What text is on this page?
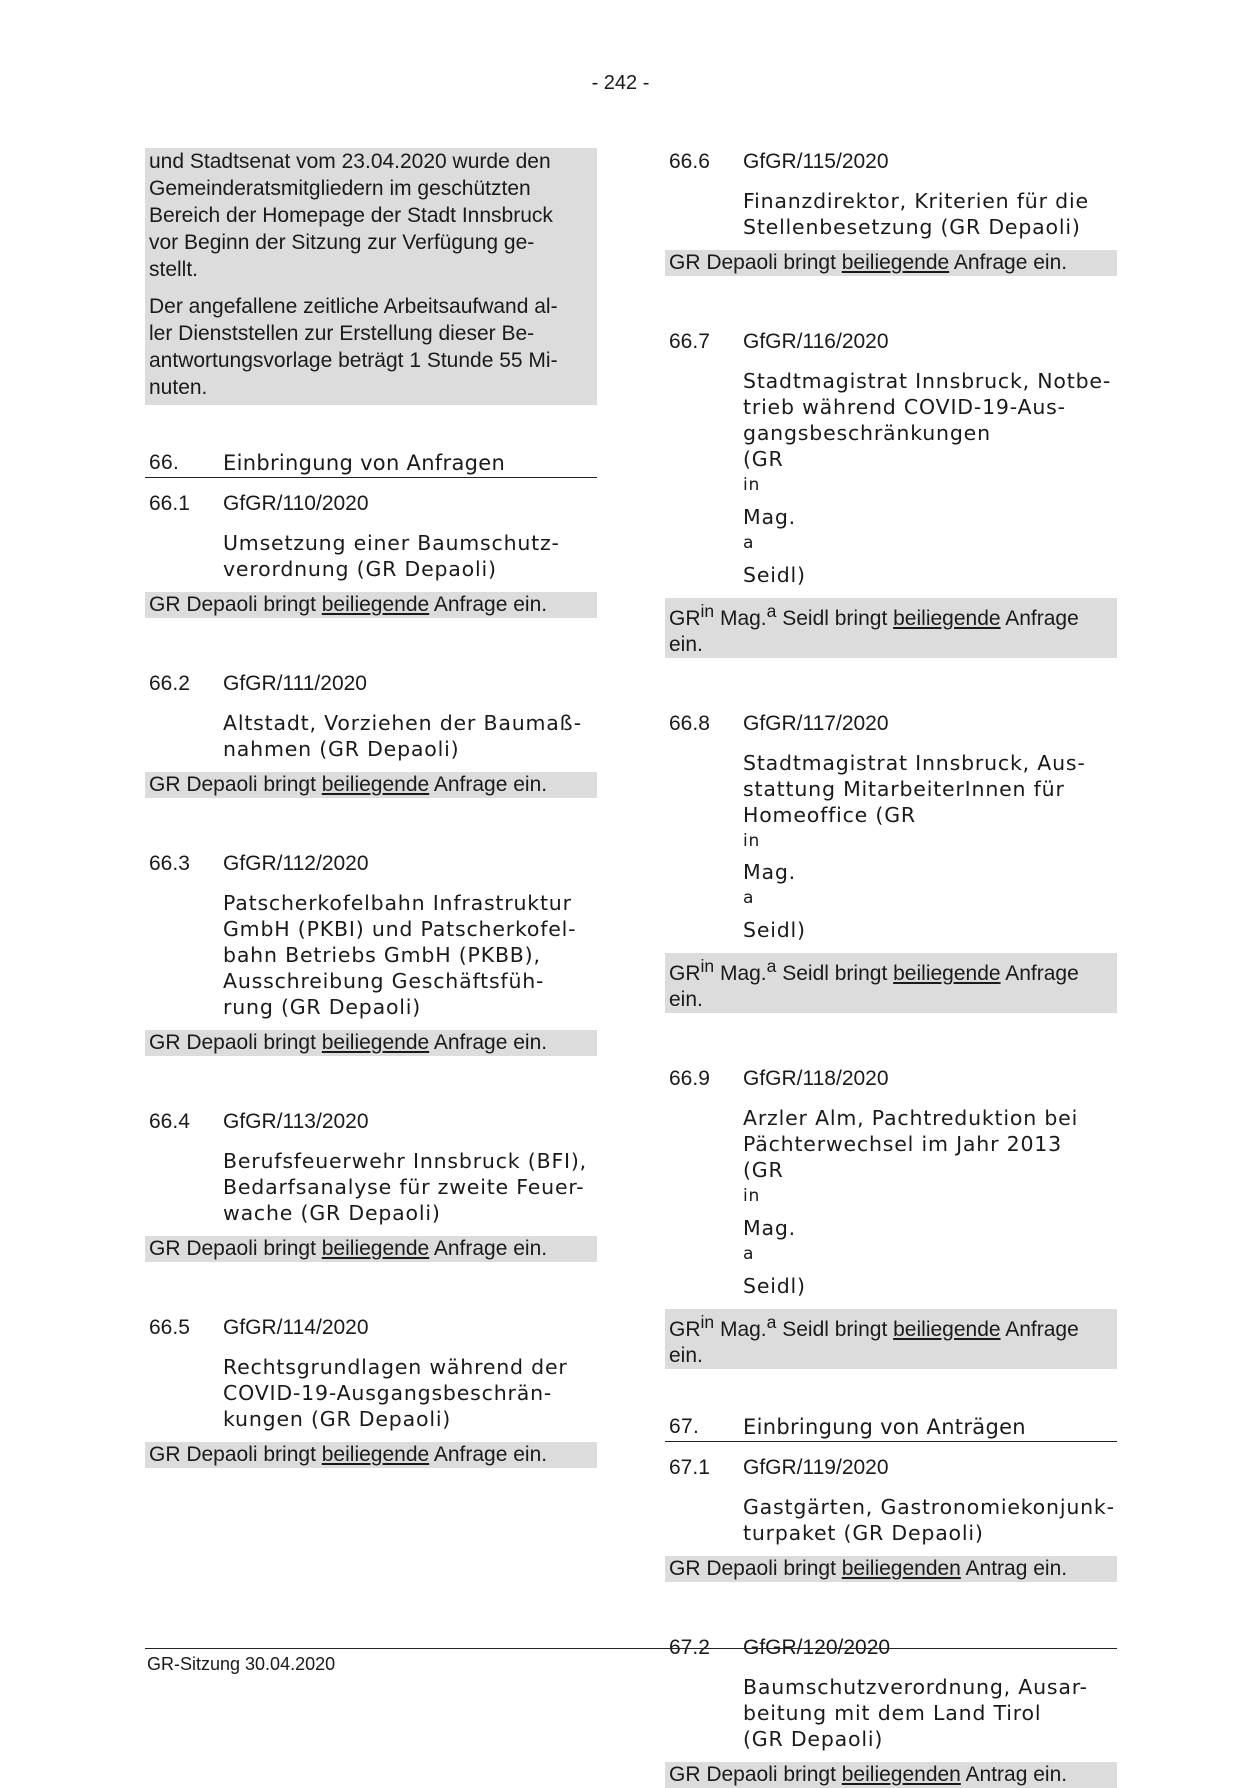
- 242 -

und Stadtsenat vom 23.04.2020 wurde den
Gemeinderatsmitgliedern im geschützten
Bereich der Homepage der Stadt Innsbruck
vor Beginn der Sitzung zur Verfügung ge-
stellt.

Der angefallene zeitliche Arbeitsaufwand al-
ler Dienststellen zur Erstellung dieser Be-
antwortungsvorlage beträgt 1 Stunde 55 Mi-
nuten.

66.	Einbringung von Anfragen
66.1	GfGR/110/2020
Umsetzung einer Baumschutz-
verordnung (GR Depaoli)
GR Depaoli bringt beiliegende Anfrage ein.
66.2	GfGR/111/2020
Altstadt, Vorziehen der Baumaß-
nahmen (GR Depaoli)
GR Depaoli bringt beiliegende Anfrage ein.
66.3	GfGR/112/2020
Patscherkofelbahn Infrastruktur
GmbH (PKBI) und Patscherkofel-
bahn Betriebs GmbH (PKBB),
Ausschreibung Geschäftsfüh-
rung (GR Depaoli)
GR Depaoli bringt beiliegende Anfrage ein.
66.4	GfGR/113/2020
Berufsfeuerwehr Innsbruck (BFI),
Bedarfsanalyse für zweite Feuer-
wache (GR Depaoli)
GR Depaoli bringt beiliegende Anfrage ein.
66.5	GfGR/114/2020
Rechtsgrundlagen während der
COVID-19-Ausgangsbeschrän-
kungen (GR Depaoli)
GR Depaoli bringt beiliegende Anfrage ein.
66.6	GfGR/115/2020
Finanzdirektor, Kriterien für die
Stellenbesetzung (GR Depaoli)
GR Depaoli bringt beiliegende Anfrage ein.
66.7	GfGR/116/2020
Stadtmagistrat Innsbruck, Notbe-
trieb während COVID-19-Aus-
gangsbeschränkungen
(GR
$^{in}$
Mag.
$^a$
Seidl)
$GR^{in}$ Mag.$^a$ Seidl bringt beiliegende Anfrage
ein.
66.8	GfGR/117/2020
Stadtmagistrat Innsbruck, Aus-
stattung MitarbeiterInnen für
Homeoffice (GR
$^{in}$
Mag.
$^a$
Seidl)
$GR^{in}$ Mag.$^a$ Seidl bringt beiliegende Anfrage
ein.
66.9	GfGR/118/2020
Arzler Alm, Pachtreduktion bei
Pächterwechsel im Jahr 2013
(GR
$^{in}$
Mag.
$^a$
Seidl)
$GR^{in}$ Mag.$^a$ Seidl bringt beiliegende Anfrage
ein.
67.	Einbringung von Anträgen
67.1	GfGR/119/2020
Gastgärten, Gastronomiekonjunk-
turpaket (GR Depaoli)
GR Depaoli bringt beiliegenden Antrag ein.
67.2	GfGR/120/2020
Baumschutzverordnung, Ausar-
beitung mit dem Land Tirol
(GR Depaoli)
GR Depaoli bringt beiliegenden Antrag ein.
GR-Sitzung 30.04.2020
